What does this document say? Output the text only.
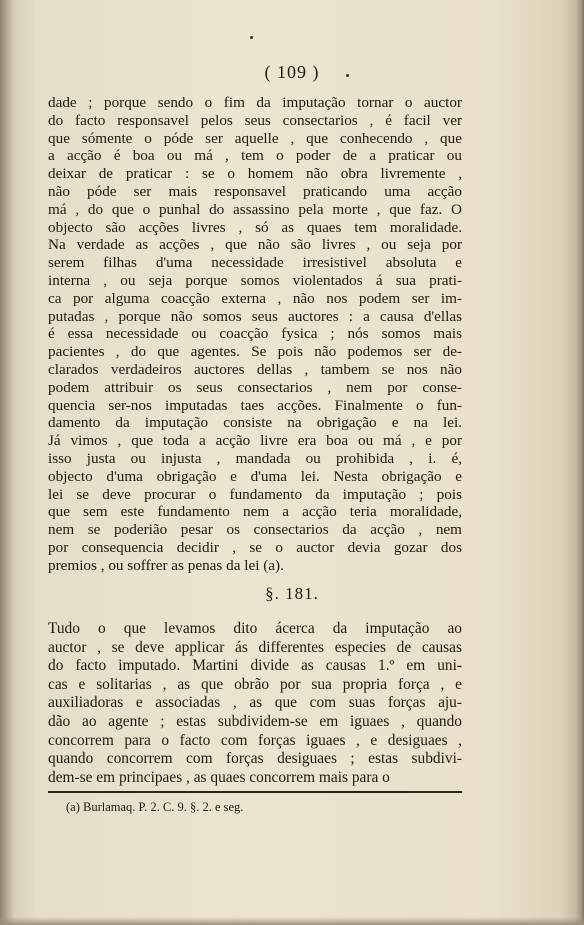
( 109 )
dade ; porque sendo o fim da imputação tornar o auctor
do facto responsavel pelos seus consectarios , é facil ver
que sómente o póde ser aquelle , que conhecendo , que
a acção é boa ou má , tem o poder de a praticar ou
deixar de praticar : se o homem não obra livremente ,
não póde ser mais responsavel praticando uma acção
má , do que o punhal do assassino pela morte , que faz. O
objecto são acções livres , só as quaes tem moralidade.
Na verdade as acções , que não são livres , ou seja por
serem filhas d'uma necessidade irresistivel absoluta e
interna , ou seja porque somos violentados á sua prati-
ca por alguma coacção externa , não nos podem ser im-
putadas , porque não somos seus auctores : a causa d'ellas
é essa necessidade ou coacção fysica ; nós somos mais
pacientes , do que agentes. Se pois não podemos ser de-
clarados verdadeiros auctores dellas , tambem se nos não
podem attribuir os seus consectarios , nem por conse-
quencia ser-nos imputadas taes acções. Finalmente o fun-
damento da imputação consiste na obrigação e na lei.
Já vimos , que toda a acção livre era boa ou má , e por
isso justa ou injusta , mandada ou prohibida , i. é,
objecto d'uma obrigação e d'uma lei. Nesta obrigação e
lei se deve procurar o fundamento da imputação ; pois
que sem este fundamento nem a acção teria moralidade,
nem se poderião pesar os consectarios da acção , nem
por consequencia decidir , se o auctor devia gozar dos
premios , ou soffrer as penas da lei (a).
§. 181.
Tudo o que levamos dito ácerca da imputação ao
auctor , se deve applicar ás differentes especies de causas
do facto imputado. Martini divide as causas 1.º em uni-
cas e solitarias , as que obrão por sua propria força , e
auxiliadoras e associadas , as que com suas forças aju-
dão ao agente ; estas subdividem-se em iguaes , quando
concorrem para o facto com forças iguaes , e desiguaes ,
quando concorrem com forças desiguaes ; estas subdivi-
dem-se em principaes , as quaes concorrem mais para o
(a) Burlamaq. P. 2. C. 9. §. 2. e seg.
